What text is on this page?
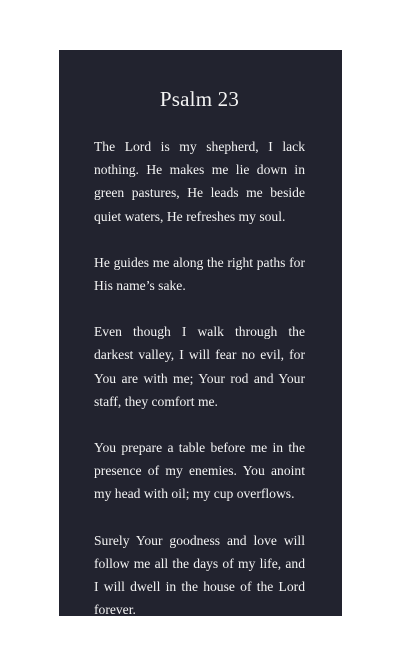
Psalm 23

The Lord is my shepherd, I lack nothing. He makes me lie down in green pastures, He leads me beside quiet waters, He refreshes my soul.

He guides me along the right paths for His name’s sake.

Even though I walk through the darkest valley, I will fear no evil, for You are with me; Your rod and Your staff, they comfort me.

You prepare a table before me in the presence of my enemies. You anoint my head with oil; my cup overflows.

Surely Your goodness and love will follow me all the days of my life, and I will dwell in the house of the Lord forever.
